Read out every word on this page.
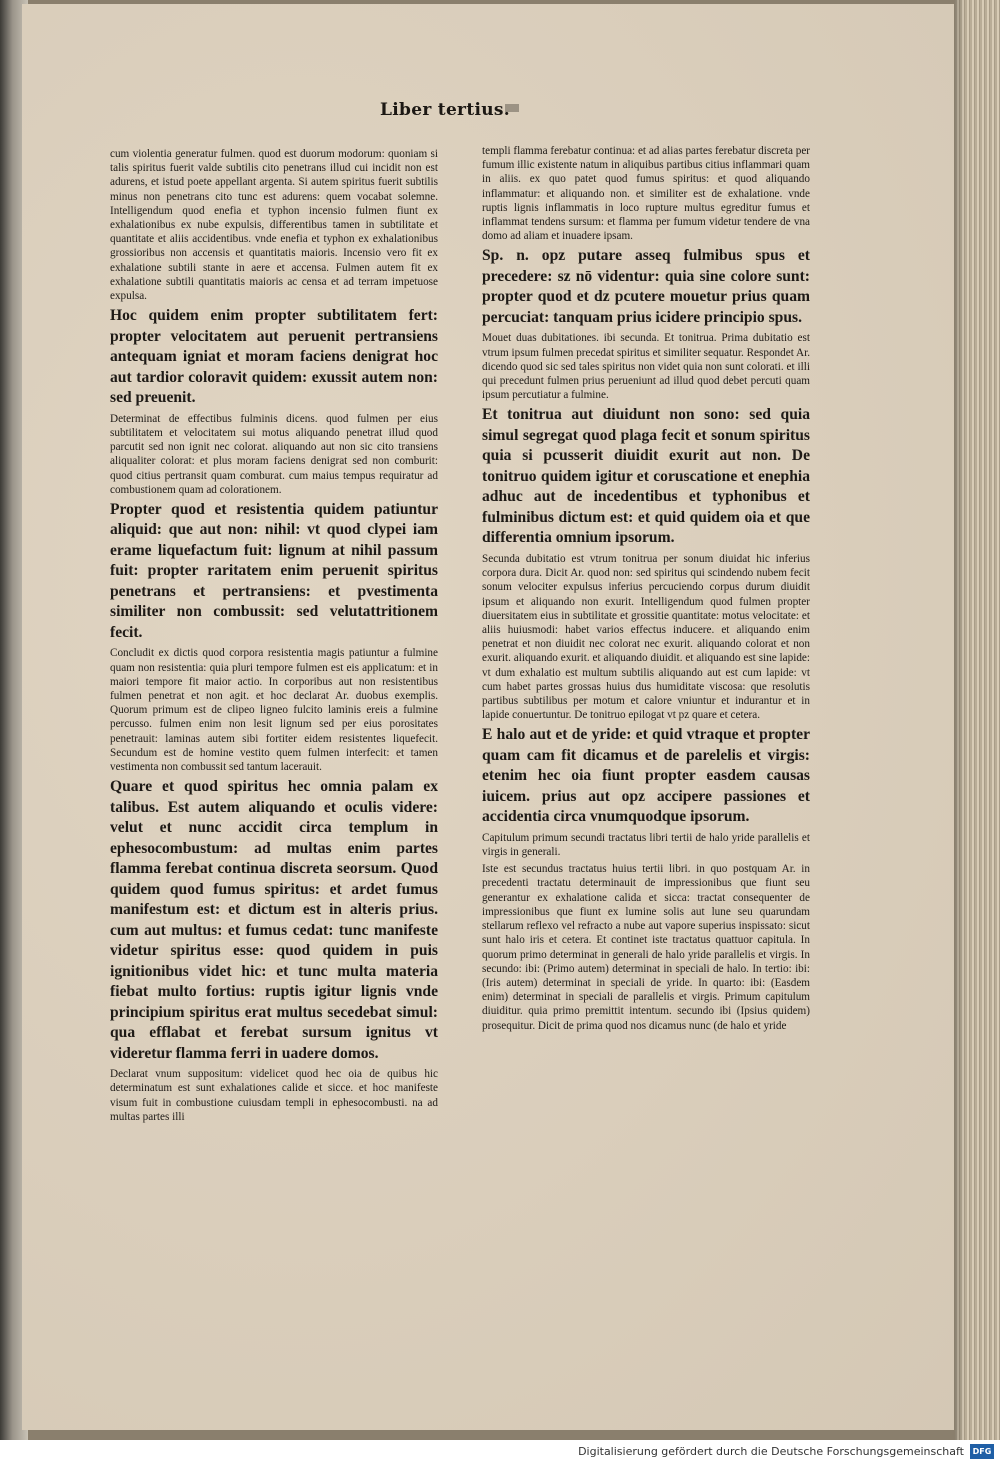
Liber tertius.

cum violentia generatur fulmen. quod est duorum modorum: quoniam si talis spiritus fuerit valde subtilis cito penetrans illud cui incidit non est adurens, et istud poete appellant argenta. Si autem spiritus fuerit subtilis minus non penetrans cito tunc est adurens: quem vocabat solemne. Intelligendum quod enefia et typhon incensio fulmen fiunt ex exhalationibus ex nube expulsis, differentibus tamen in subtilitate et quantitate et aliis accidentibus. vnde enefia et typhon ex exhalationibus grossioribus non accensis et quantitatis maioris. Incensio vero fit ex exhalatione subtili stante in aere et accensa. Fulmen autem fit ex exhalatione subtili quantitatis maioris ac censa et ad terram impetuose expulsa.

Hoc quidem enim propter subtilitatem fert: propter velocitatem aut peruenit pertransiens antequam igniat et moram faciens denigrat hoc aut tardior coloravit quidem: exussit autem non: sed preuenit.

Determinat de effectibus fulminis dicens. quod fulmen per eius subtilitatem et velocitatem sui motus aliquando penetrat illud quod parcutit sed non ignit nec colorat. aliquando aut non sic cito transiens aliqualiter colorat: et plus moram faciens denigrat sed non comburit: quod citius pertransit quam comburat. cum maius tempus requiratur ad combustionem quam ad colorationem.

Propter quod et resistentia quidem patiuntur aliquid: que aut non: nihil: vt quod clypei iam erame liquefactum fuit: lignum at nihil passum fuit: propter raritatem enim peruenit spiritus penetrans et pertransiens: et pvestimenta similiter non combussit: sed velutattritionem fecit.

Concludit ex dictis quod corpora resistentia magis patiuntur a fulmine quam non resistentia: quia pluri tempore fulmen est eis applicatum: et in maiori tempore fit maior actio. In corporibus aut non resistentibus fulmen penetrat et non agit. et hoc declarat Ar. duobus exemplis. Quorum primum est de clipeo ligneo fulcito laminis ereis a fulmine percusso. fulmen enim non lesit lignum sed per eius porositates penetrauit: laminas autem sibi fortiter eidem resistentes liquefecit. Secundum est de homine vestito quem fulmen interfecit: et tamen vestimenta non combussit sed tantum lacerauit.

Quare et quod spiritus hec omnia palam ex talibus. Est autem aliquando et oculis videre: velut et nunc accidit circa templum in ephesocombustum: ad multas enim partes flamma ferebat continua discreta seorsum. Quod quidem quod fumus spiritus: et ardet fumus manifestum est: et dictum est in alteris prius. cum aut multus: et fumus cedat: tunc manifeste videtur spiritus esse: quod quidem in puis ignitionibus videt hic: et tunc multa materia fiebat multo fortius: ruptis igitur lignis vnde principium spiritus erat multus secedebat simul: qua efflabat et ferebat sursum ignitus vt videretur flamma ferri in uadere domos.

Declarat vnum suppositum: videlicet quod hec oia de quibus hic determinatum est sunt exhalationes calide et sicce. et hoc manifeste visum fuit in combustione cuiusdam templi in ephesocombusti. na ad multas partes illi

templi flamma ferebatur continua: et ad alias partes ferebatur discreta per fumum illic existente natum in aliquibus partibus citius inflammari quam in aliis. ex quo patet quod fumus spiritus: et quod aliquando inflammatur: et aliquando non. et similiter est de exhalatione. vnde ruptis lignis inflammatis in loco rupture multus egreditur fumus et inflammat tendens sursum: et flamma per fumum videtur tendere de vna domo ad aliam et inuadere ipsam.

Sp. n. opz putare asseq fulmibus spus et precedere: sz nō videntur: quia sine colore sunt: propter quod et dz pcutere mouetur prius quam percuciat: tanquam prius icidere principio spus.

Mouet duas dubitationes. ibi secunda. Et tonitrua. Prima dubitatio est vtrum ipsum fulmen precedat spiritus et similiter sequatur. Respondet Ar. dicendo quod sic sed tales spiritus non videt quia non sunt colorati. et illi qui precedunt fulmen prius perueniunt ad illud quod debet percuti quam ipsum percutiatur a fulmine.

Et tonitrua aut diuidunt non sono: sed quia simul segregat quod plaga fecit et sonum spiritus quia si pcusserit diuidit exurit aut non. De tonitruo quidem igitur et coruscatione et enephia adhuc aut de incedentibus et typhonibus et fulminibus dictum est: et quid quidem oia et que differentia omnium ipsorum.

Secunda dubitatio est vtrum tonitrua per sonum diuidat hic inferius corpora dura. Dicit Ar. quod non: sed spiritus qui scindendo nubem fecit sonum velociter expulsus inferius percuciendo corpus durum diuidit ipsum et aliquando non exurit. Intelligendum quod fulmen propter diuersitatem eius in subtilitate et grossitie quantitate: motus velocitate: et aliis huiusmodi: habet varios effectus inducere. et aliquando enim penetrat et non diuidit nec colorat nec exurit. aliquando colorat et non exurit. aliquando exurit. et aliquando diuidit. et aliquando est sine lapide: vt dum exhalatio est multum subtilis aliquando aut est cum lapide: vt cum habet partes grossas huius dus humiditate viscosa: que resolutis partibus subtilibus per motum et calore vniuntur et indurantur et in lapide conuertuntur. De tonitruo epilogat vt pz quare et cetera.

E halo aut et de yride: et quid vtraque et propter quam cam fit dicamus et de parelelis et virgis: etenim hec oia fiunt propter easdem causas iuicem. prius aut opz accipere passiones et accidentia circa vnumquodque ipsorum.

Capitulum primum secundi tractatus libri tertii de halo yride parallelis et virgis in generali.

Iste est secundus tractatus huius tertii libri. in quo postquam Ar. in precedenti tractatu determinauit de impressionibus que fiunt seu generantur ex exhalatione calida et sicca: tractat consequenter de impressionibus que fiunt ex lumine solis aut lune seu quarundam stellarum reflexo vel refracto a nube aut vapore superius inspissato: sicut sunt halo iris et cetera. Et continet iste tractatus quattuor capitula. In quorum primo determinat in generali de halo yride parallelis et virgis. In secundo: ibi: (Primo autem) determinat in speciali de halo. In tertio: ibi: (Iris autem) determinat in speciali de yride. In quarto: ibi: (Easdem enim) determinat in speciali de parallelis et virgis. Primum capitulum diuiditur. quia primo premittit intentum. secundo ibi (Ipsius quidem) prosequitur. Dicit de prima quod nos dicamus nunc (de halo et yride

Digitalisierung gefördert durch die Deutsche Forschungsgemeinschaft	DFG
